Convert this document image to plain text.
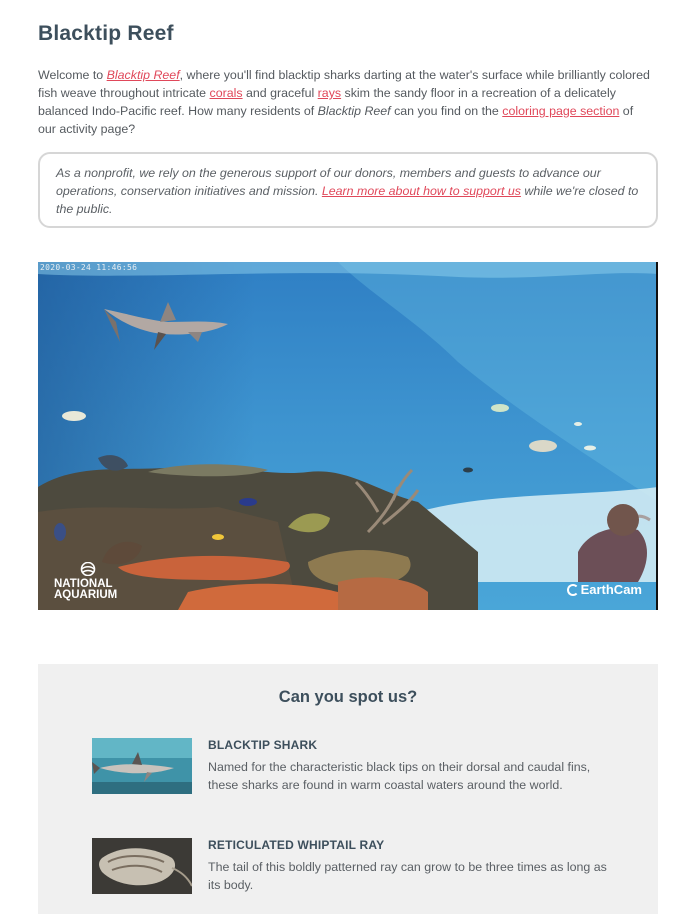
Blacktip Reef

Welcome to Blacktip Reef, where you'll find blacktip sharks darting at the water's surface while brilliantly colored fish weave throughout intricate corals and graceful rays skim the sandy floor in a recreation of a delicately balanced Indo-Pacific reef. How many residents of Blacktip Reef can you find on the coloring page section of our activity page?

As a nonprofit, we rely on the generous support of our donors, members and guests to advance our operations, conservation initiatives and mission. Learn more about how to support us while we're closed to the public.
2020-03-24 11:46:56
NATIONAL
AQUARIUM	EarthCam
Can you spot us?
BLACKTIP SHARK
Named for the characteristic black tips on their dorsal and caudal fins, these sharks are found in warm coastal waters around the world.
RETICULATED WHIPTAIL RAY
The tail of this boldly patterned ray can grow to be three times as long as its body.
